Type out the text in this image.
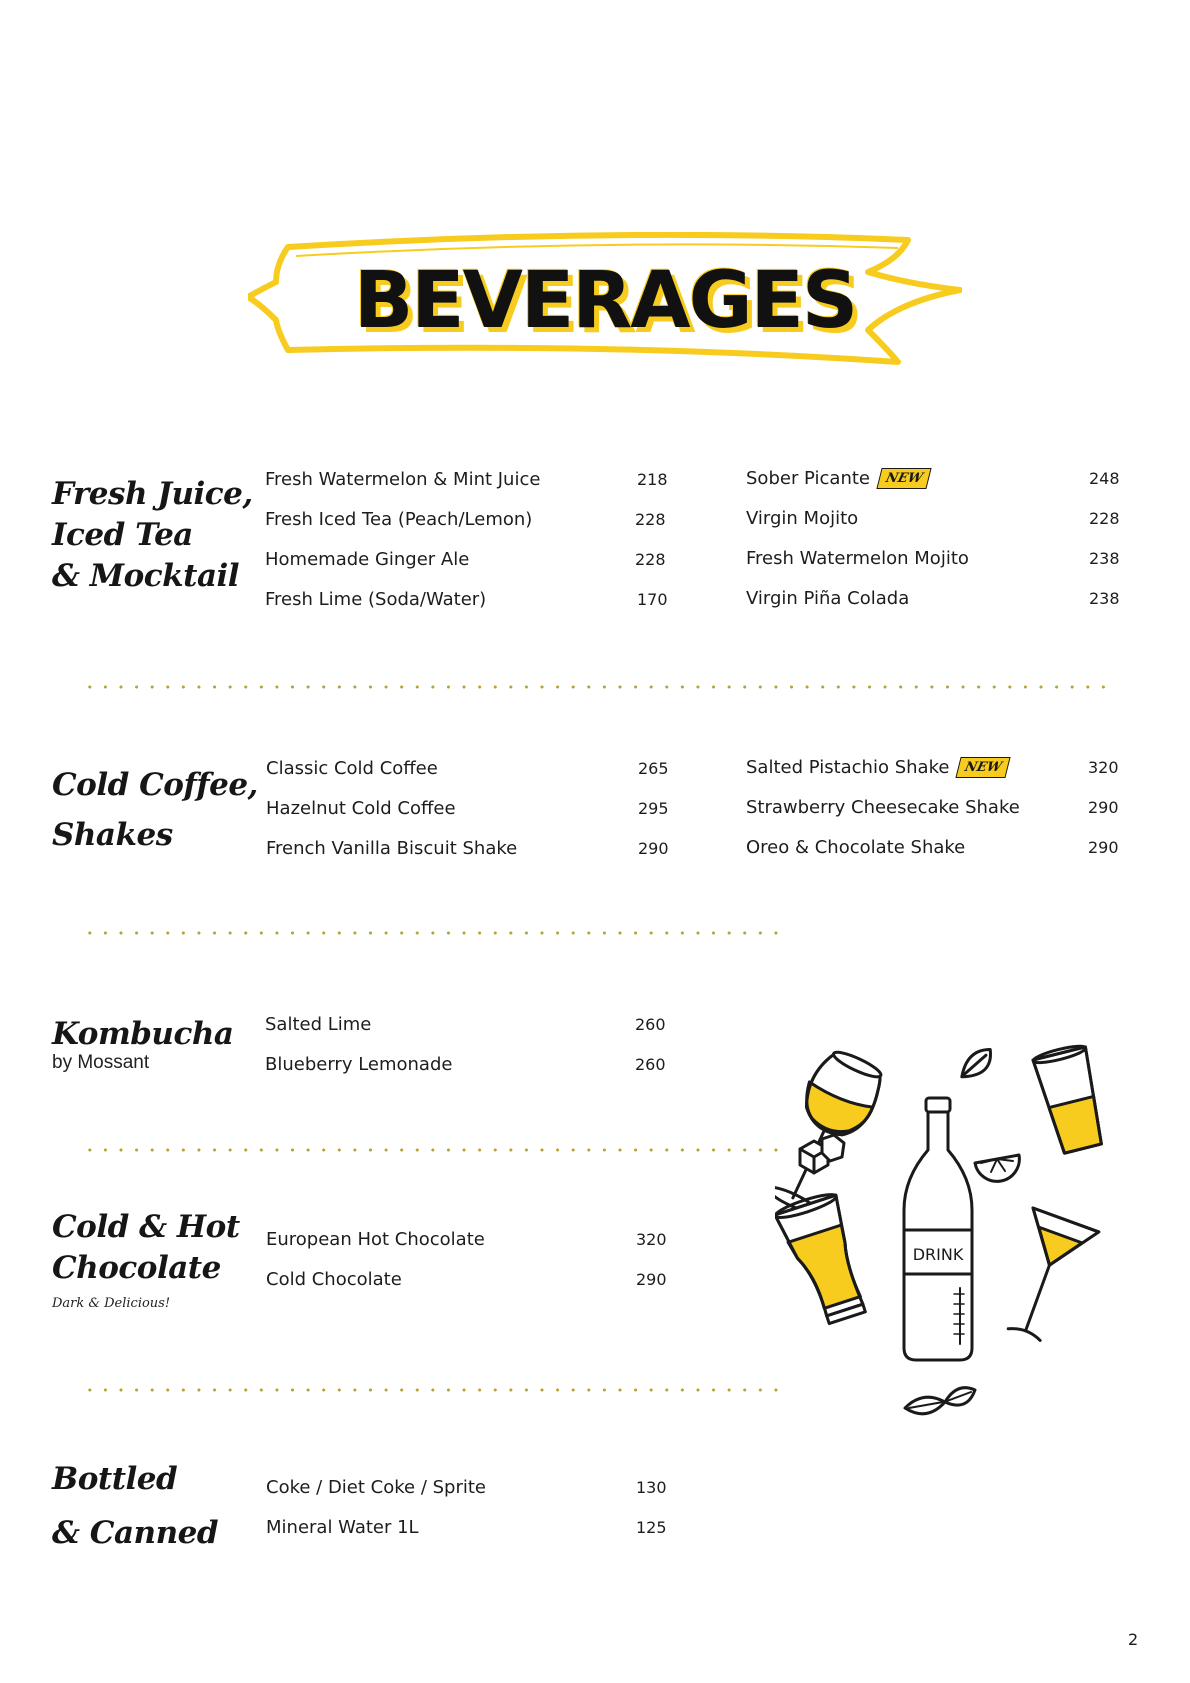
BEVERAGES
Fresh Juice,
Iced Tea
& Mocktail
Fresh Watermelon & Mint Juice	218
Fresh Iced Tea (Peach/Lemon)	228
Homemade Ginger Ale	228
Fresh Lime (Soda/Water)	170
Sober Picante	NEW	248
Virgin Mojito	228
Fresh Watermelon Mojito	238
Virgin Piña Colada	238
Cold Coffee,
Shakes
Classic Cold Coffee	265
Hazelnut Cold Coffee	295
French Vanilla Biscuit Shake	290
Salted Pistachio Shake	NEW	320
Strawberry Cheesecake Shake	290
Oreo & Chocolate Shake	290
Kombucha
by Mossant
Salted Lime	260
Blueberry Lemonade	260
Cold & Hot
Chocolate
Dark & Delicious!
European Hot Chocolate	320
Cold Chocolate	290
Bottled
& Canned
Coke / Diet Coke / Sprite	130
Mineral Water 1L	125
DRINK
2
